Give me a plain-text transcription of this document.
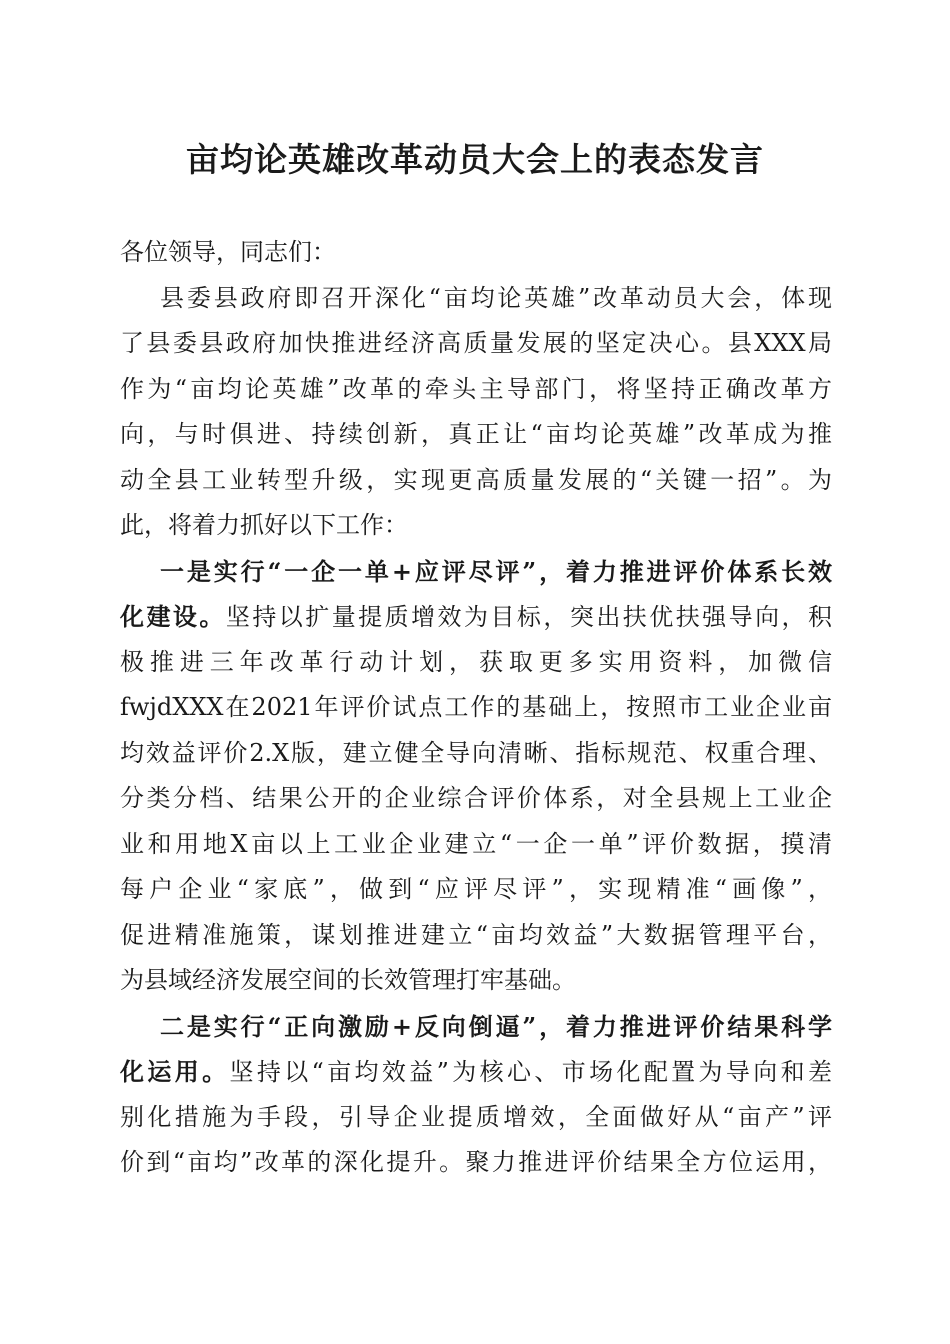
亩均论英雄改革动员大会上的表态发言
各位领导，同志们：
县委县政府即召开深化“亩均论英雄”改革动员大会，体现
了县委县政府加快推进经济高质量发展的坚定决心。县XXX局
作为“亩均论英雄”改革的牵头主导部门，将坚持正确改革方
向，与时俱进、持续创新，真正让“亩均论英雄”改革成为推
动全县工业转型升级，实现更高质量发展的“关键一招”。为
此，将着力抓好以下工作：
一是实行“一企一单+应评尽评”，着力推进评价体系长效
化建设。坚持以扩量提质增效为目标，突出扶优扶强导向，积
极推进三年改革行动计划，获取更多实用资料，加微信
fwjdXXX在2021年评价试点工作的基础上，按照市工业企业亩
均效益评价2.X版，建立健全导向清晰、指标规范、权重合理、
分类分档、结果公开的企业综合评价体系，对全县规上工业企
业和用地X亩以上工业企业建立“一企一单”评价数据，摸清
每户企业“家底”，做到“应评尽评”，实现精准“画像”，
促进精准施策，谋划推进建立“亩均效益”大数据管理平台，
为县域经济发展空间的长效管理打牢基础。
二是实行“正向激励+反向倒逼”，着力推进评价结果科学
化运用。坚持以“亩均效益”为核心、市场化配置为导向和差
别化措施为手段，引导企业提质增效，全面做好从“亩产”评
价到“亩均”改革的深化提升。聚力推进评价结果全方位运用，
